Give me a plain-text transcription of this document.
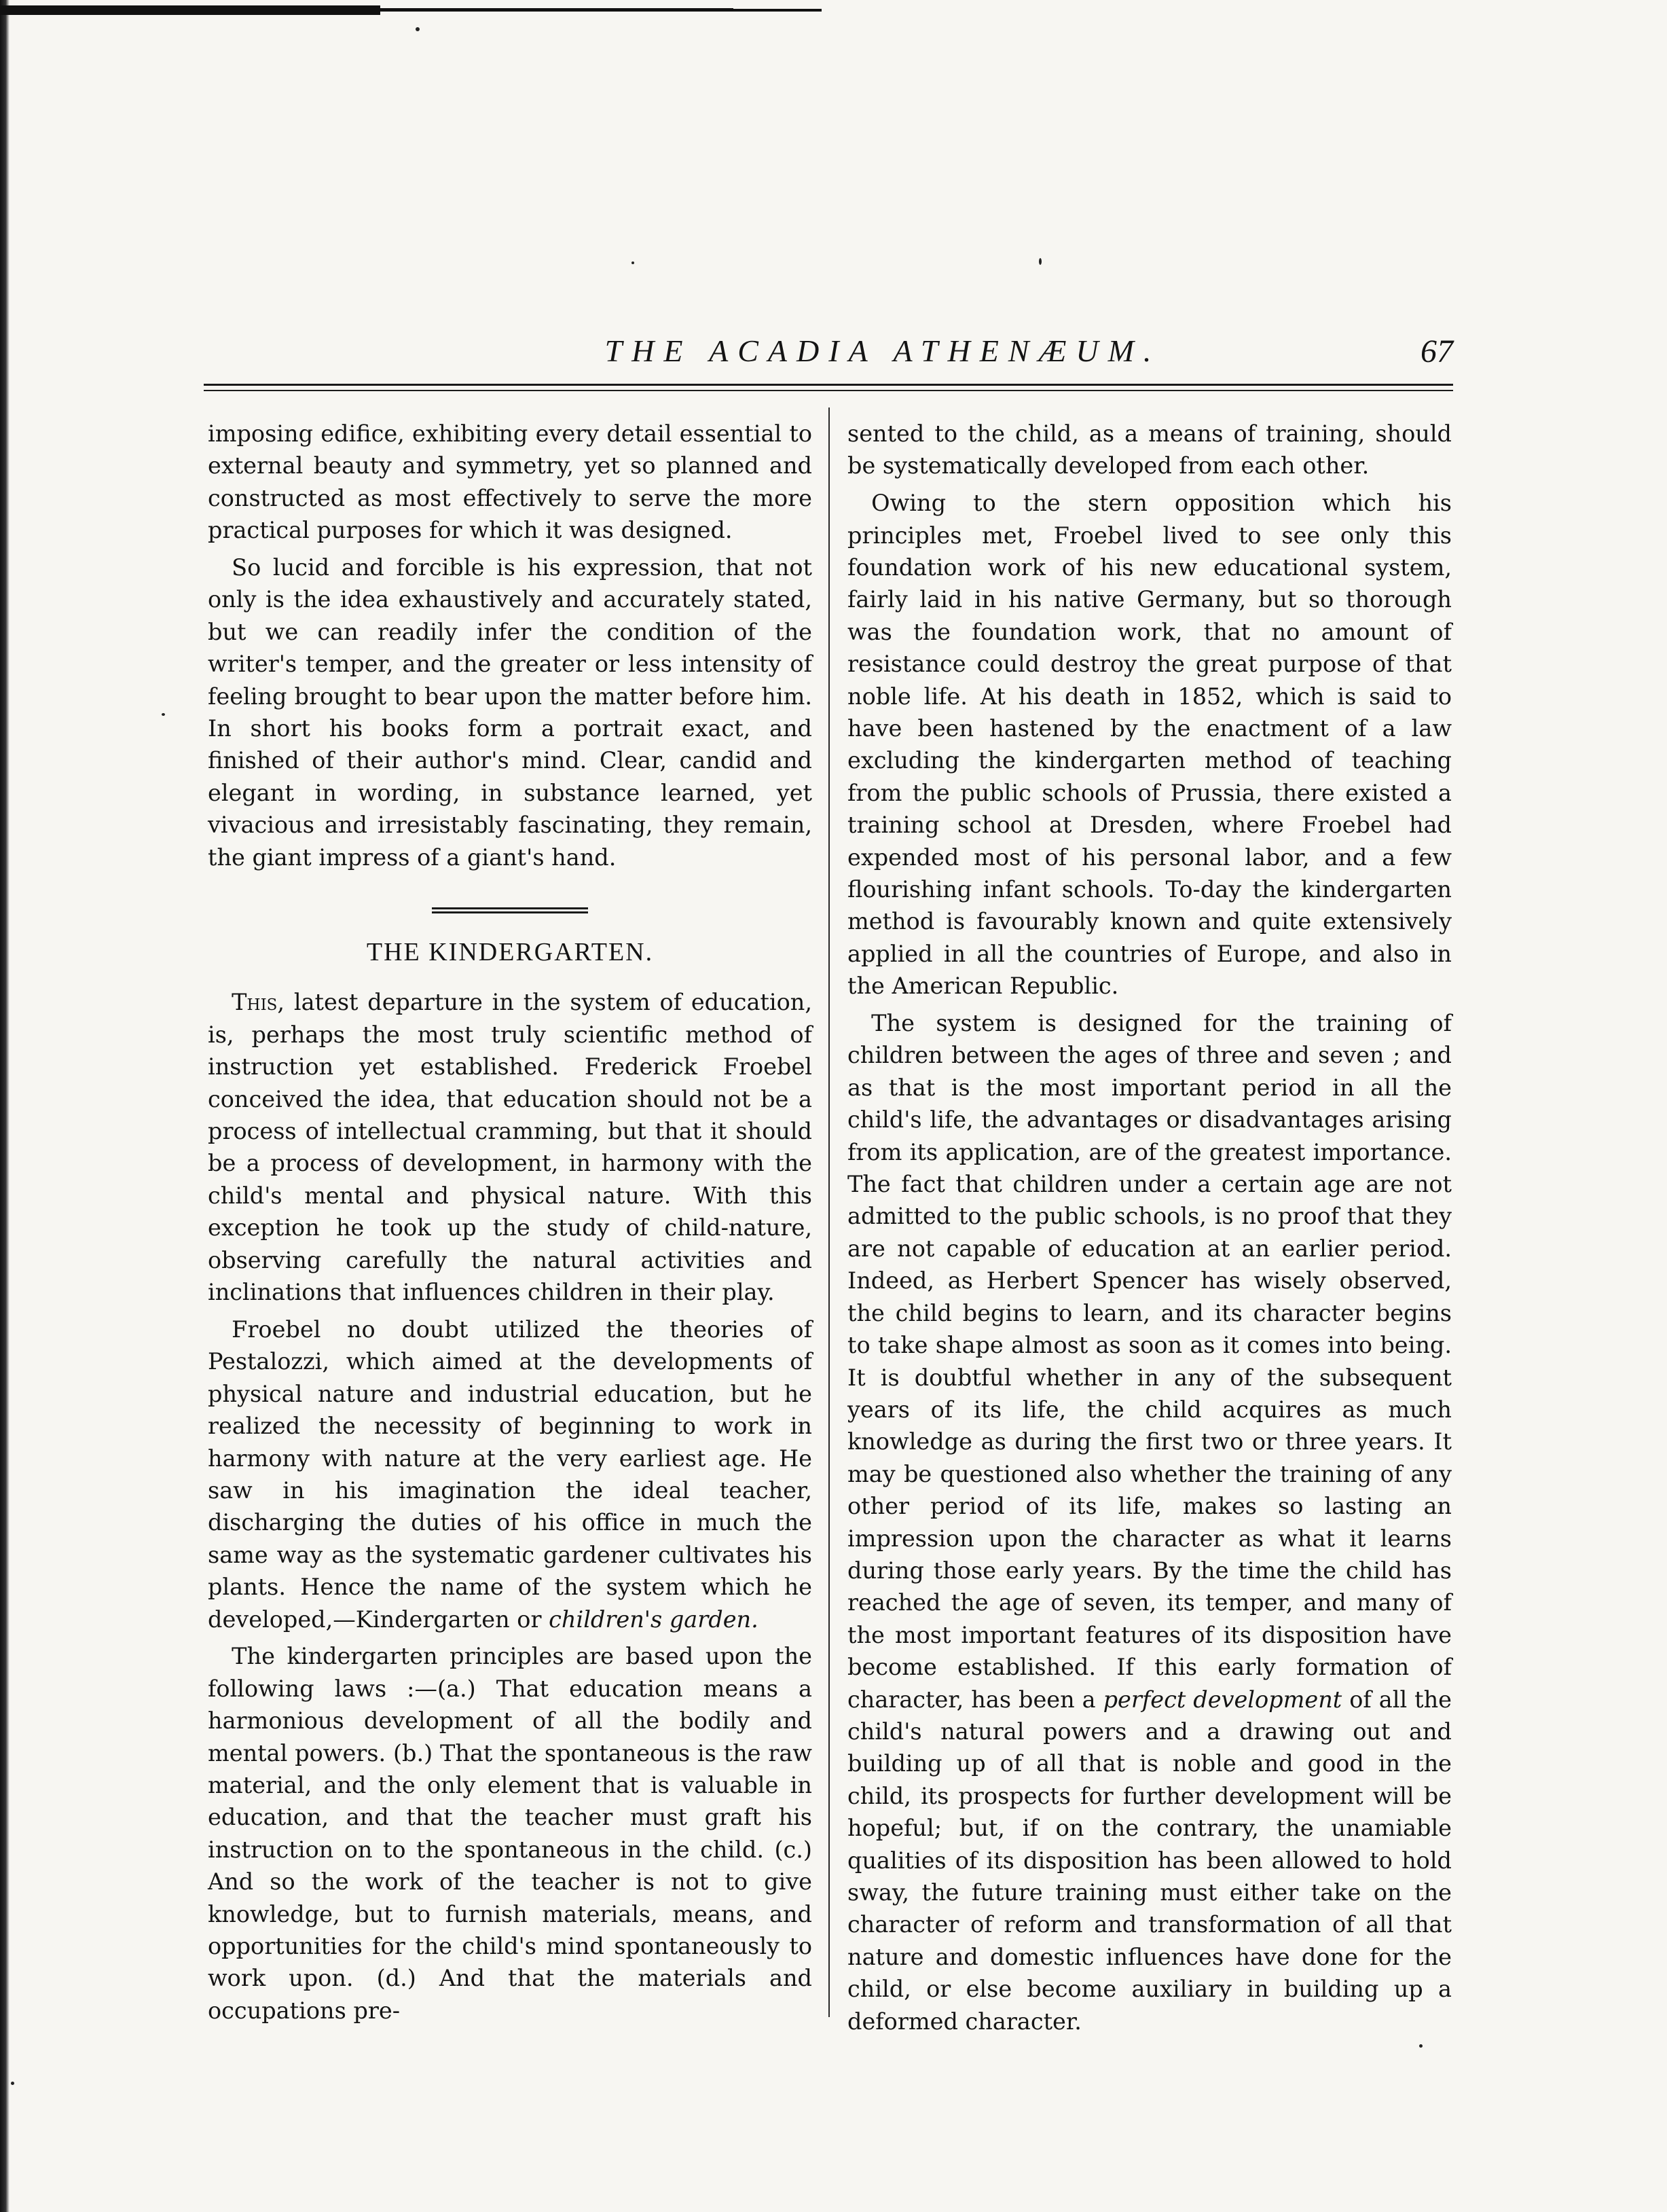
THE ACADIA ATHENÆUM.	67

imposing edifice, exhibiting every detail essential to external beauty and symmetry, yet so planned and constructed as most effectively to serve the more practical purposes for which it was designed.

So lucid and forcible is his expression, that not only is the idea exhaustively and accurately stated, but we can readily infer the condition of the writer's temper, and the greater or less intensity of feeling brought to bear upon the matter before him. In short his books form a portrait exact, and finished of their author's mind. Clear, candid and elegant in wording, in substance learned, yet vivacious and irresistably fascinating, they remain, the giant impress of a giant's hand.

THE KINDERGARTEN.

This, latest departure in the system of education, is, perhaps the most truly scientific method of instruction yet established. Frederick Froebel conceived the idea, that education should not be a process of intellectual cramming, but that it should be a process of development, in harmony with the child's mental and physical nature. With this exception he took up the study of child-nature, observing carefully the natural activities and inclinations that influences children in their play.

Froebel no doubt utilized the theories of Pestalozzi, which aimed at the developments of physical nature and industrial education, but he realized the necessity of beginning to work in harmony with nature at the very earliest age. He saw in his imagination the ideal teacher, discharging the duties of his office in much the same way as the systematic gardener cultivates his plants. Hence the name of the system which he developed,—Kindergarten or children's garden.

The kindergarten principles are based upon the following laws :—(a.) That education means a harmonious development of all the bodily and mental powers. (b.) That the spontaneous is the raw material, and the only element that is valuable in education, and that the teacher must graft his instruction on to the spontaneous in the child. (c.) And so the work of the teacher is not to give knowledge, but to furnish materials, means, and opportunities for the child's mind spontaneously to work upon. (d.) And that the materials and occupations pre-

sented to the child, as a means of training, should be systematically developed from each other.

Owing to the stern opposition which his principles met, Froebel lived to see only this foundation work of his new educational system, fairly laid in his native Germany, but so thorough was the foundation work, that no amount of resistance could destroy the great purpose of that noble life. At his death in 1852, which is said to have been hastened by the enactment of a law excluding the kindergarten method of teaching from the public schools of Prussia, there existed a training school at Dresden, where Froebel had expended most of his personal labor, and a few flourishing infant schools. To-day the kindergarten method is favourably known and quite extensively applied in all the countries of Europe, and also in the American Republic.

The system is designed for the training of children between the ages of three and seven ; and as that is the most important period in all the child's life, the advantages or disadvantages arising from its application, are of the greatest importance. The fact that children under a certain age are not admitted to the public schools, is no proof that they are not capable of education at an earlier period. Indeed, as Herbert Spencer has wisely observed, the child begins to learn, and its character begins to take shape almost as soon as it comes into being. It is doubtful whether in any of the subsequent years of its life, the child acquires as much knowledge as during the first two or three years. It may be questioned also whether the training of any other period of its life, makes so lasting an impression upon the character as what it learns during those early years. By the time the child has reached the age of seven, its temper, and many of the most important features of its disposition have become established. If this early formation of character, has been a perfect development of all the child's natural powers and a drawing out and building up of all that is noble and good in the child, its prospects for further development will be hopeful; but, if on the contrary, the unamiable qualities of its disposition has been allowed to hold sway, the future training must either take on the character of reform and transformation of all that nature and domestic influences have done for the child, or else become auxiliary in building up a deformed character.
